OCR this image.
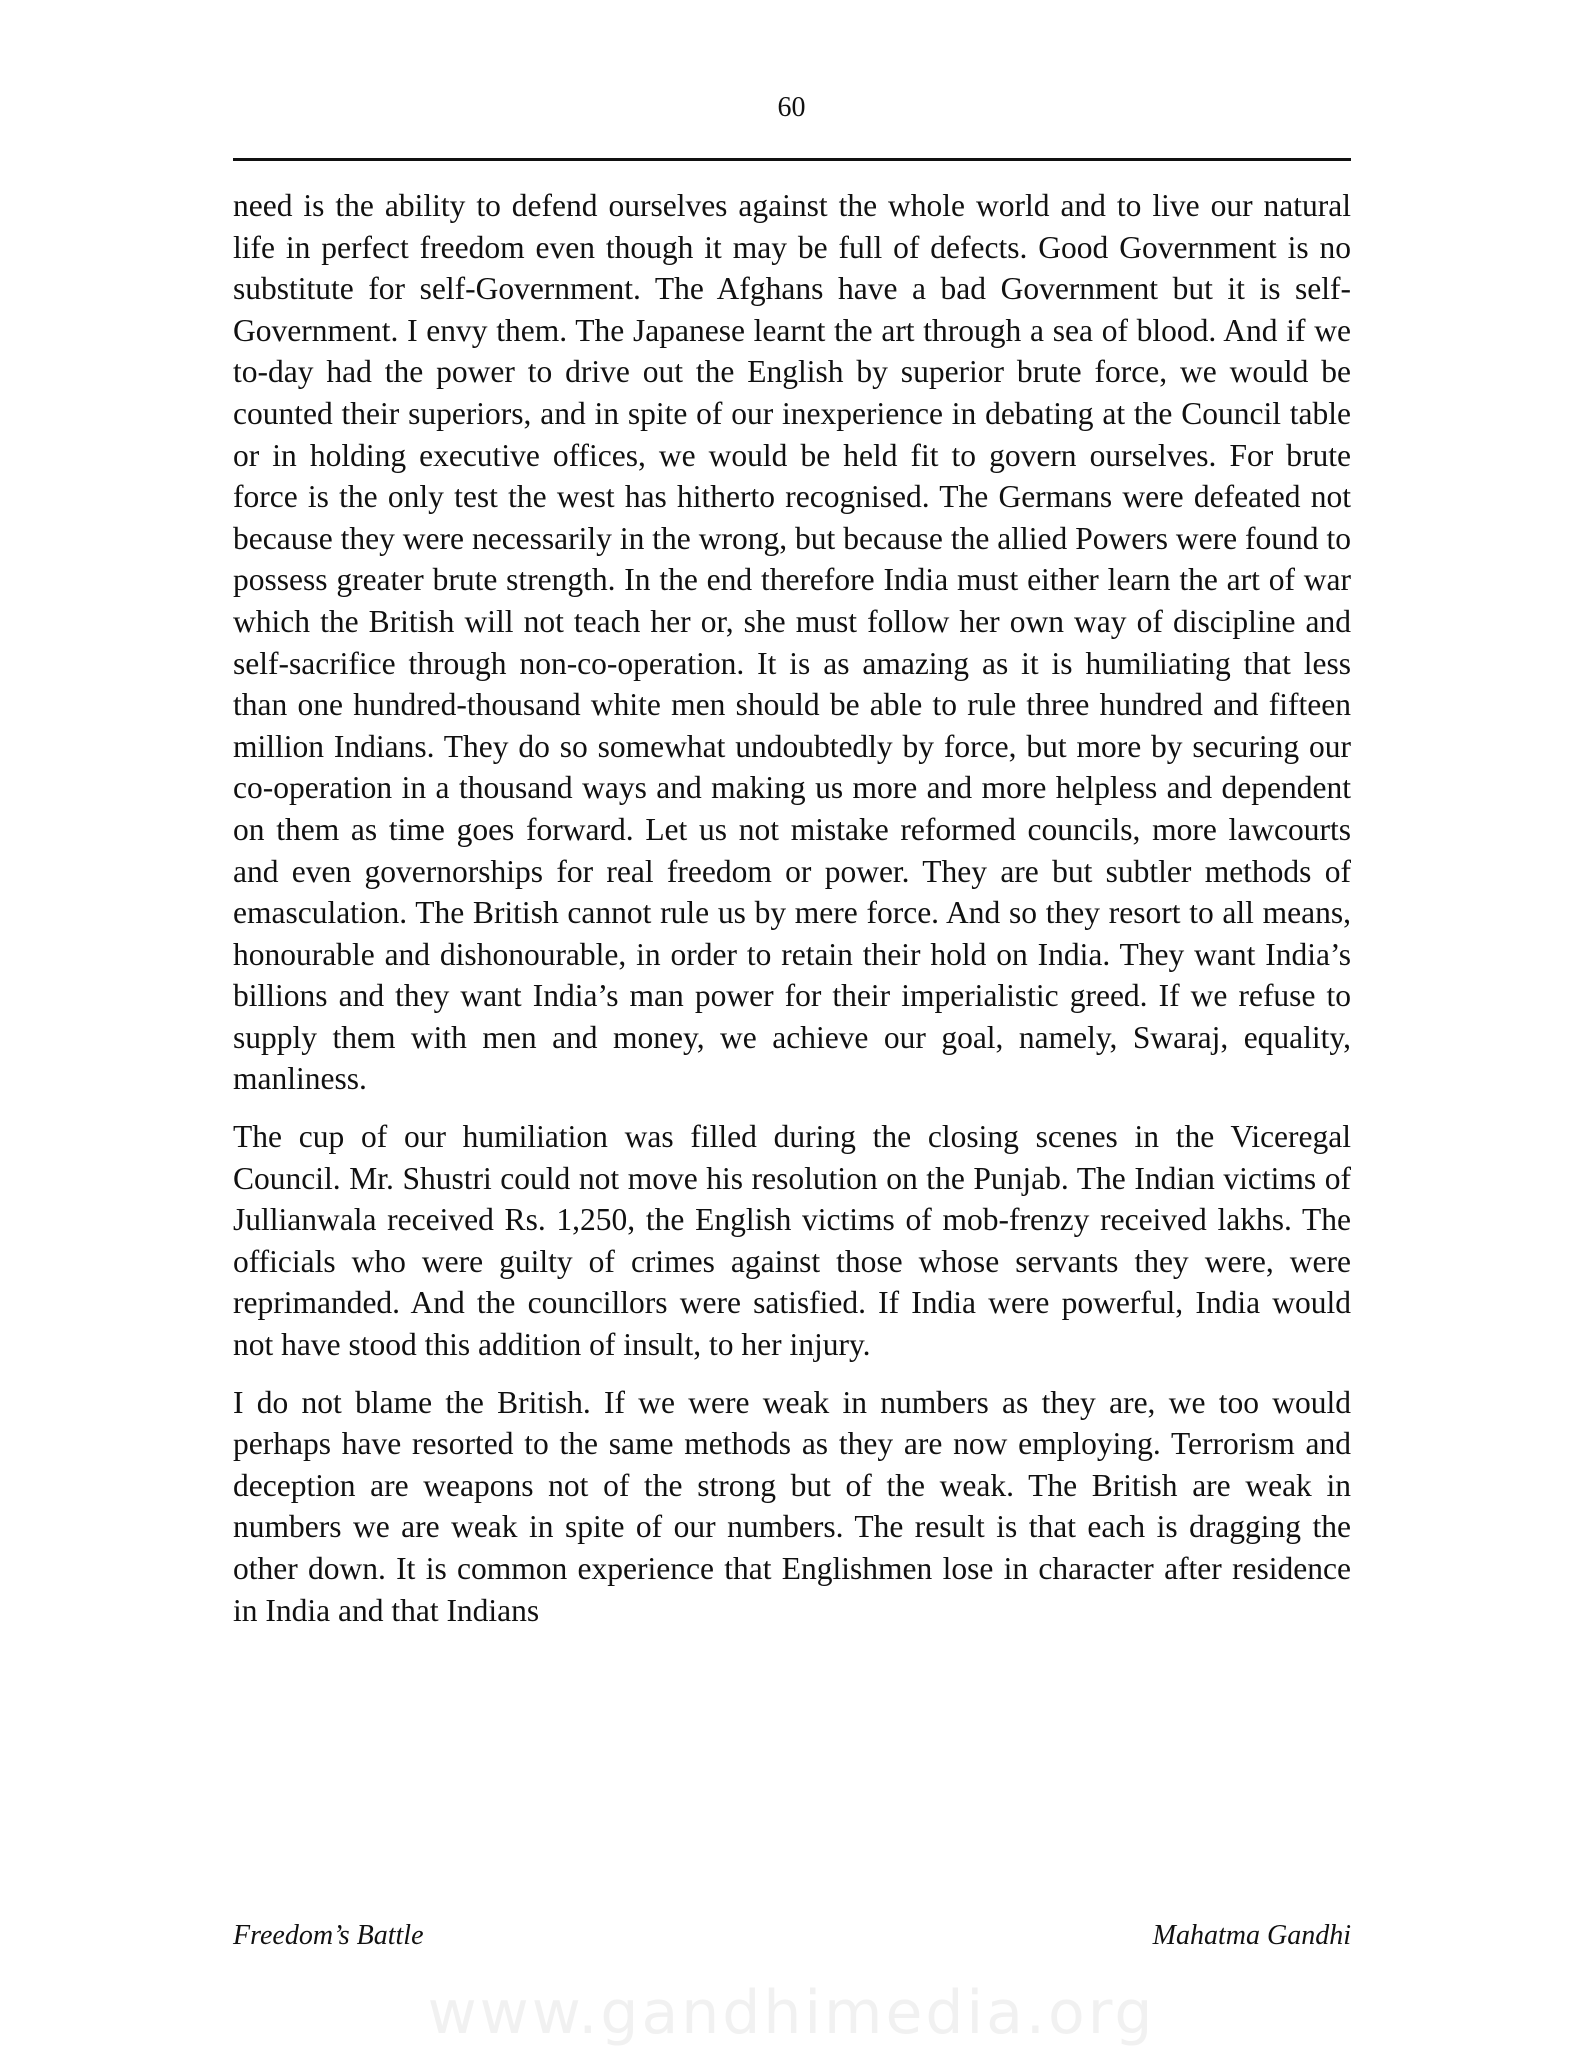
60

need is the ability to defend ourselves against the whole world and to live our natural life in perfect freedom even though it may be full of defects. Good Government is no substitute for self-Government. The Afghans have a bad Government but it is self-Government. I envy them. The Japanese learnt the art through a sea of blood. And if we to-day had the power to drive out the English by superior brute force, we would be counted their superiors, and in spite of our inexperience in debating at the Council table or in holding executive offices, we would be held fit to govern ourselves. For brute force is the only test the west has hitherto recognised. The Germans were defeated not because they were necessarily in the wrong, but because the allied Powers were found to possess greater brute strength. In the end therefore India must either learn the art of war which the British will not teach her or, she must follow her own way of discipline and self-sacrifice through non-co-operation. It is as amazing as it is humiliating that less than one hundred-thousand white men should be able to rule three hundred and fifteen million Indians. They do so somewhat undoubtedly by force, but more by securing our co-operation in a thousand ways and making us more and more helpless and dependent on them as time goes forward. Let us not mistake reformed councils, more lawcourts and even governorships for real freedom or power. They are but subtler methods of emasculation. The British cannot rule us by mere force. And so they resort to all means, honourable and dishonourable, in order to retain their hold on India. They want India’s billions and they want India’s man power for their imperialistic greed. If we refuse to supply them with men and money, we achieve our goal, namely, Swaraj, equality, manliness.

The cup of our humiliation was filled during the closing scenes in the Viceregal Council. Mr. Shustri could not move his resolution on the Punjab. The Indian victims of Jullianwala received Rs. 1,250, the English victims of mob-frenzy received lakhs. The officials who were guilty of crimes against those whose servants they were, were reprimanded. And the councillors were satisfied. If India were powerful, India would not have stood this addition of insult, to her injury.

I do not blame the British. If we were weak in numbers as they are, we too would perhaps have resorted to the same methods as they are now employing. Terrorism and deception are weapons not of the strong but of the weak. The British are weak in numbers we are weak in spite of our numbers. The result is that each is dragging the other down. It is common experience that Englishmen lose in character after residence in India and that Indians

Freedom’s Battle	Mahatma Gandhi
www.gandhimedia.org
